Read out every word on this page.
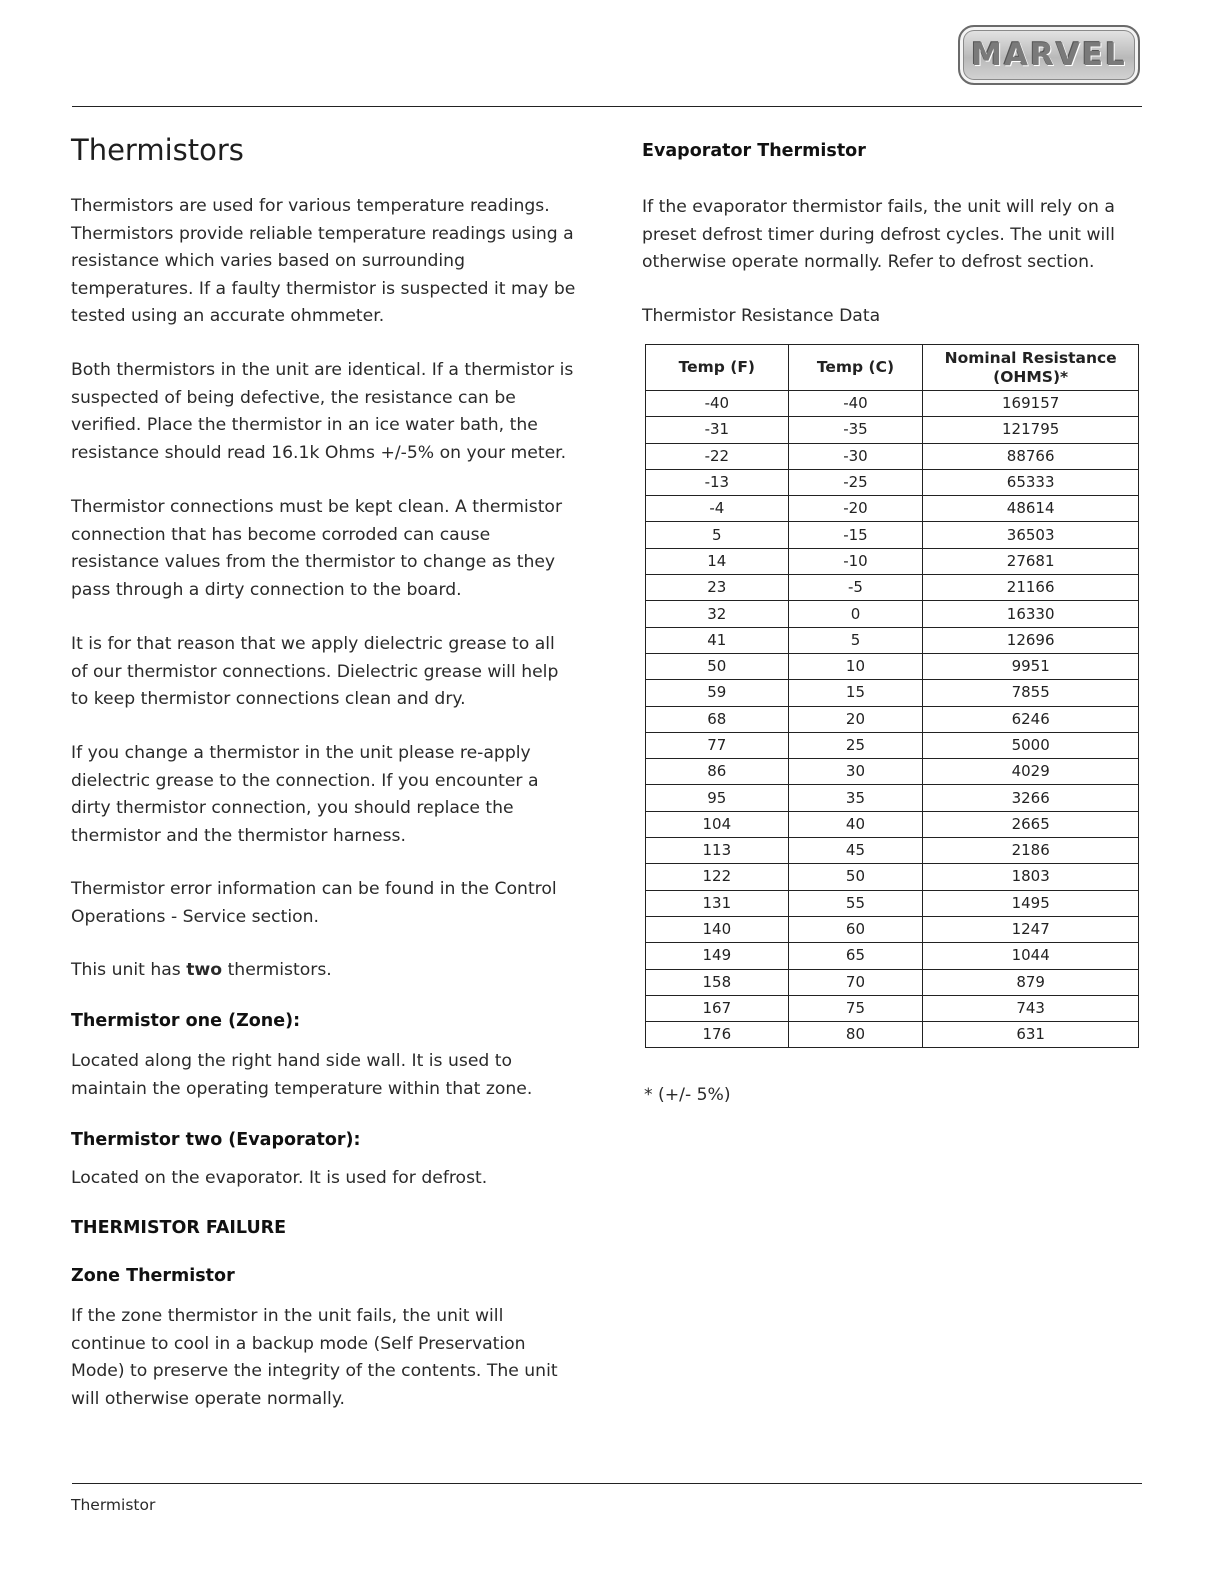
MARVEL
Thermistors

Thermistors are used for various temperature readings. Thermistors provide reliable temperature readings using a resistance which varies based on surrounding temperatures. If a faulty thermistor is suspected it may be tested using an accurate ohmmeter.

Both thermistors in the unit are identical. If a thermistor is suspected of being defective, the resistance can be verified. Place the thermistor in an ice water bath, the resistance should read 16.1k Ohms +/-5% on your meter.

Thermistor connections must be kept clean. A thermistor connection that has become corroded can cause resistance values from the thermistor to change as they pass through a dirty connection to the board.

It is for that reason that we apply dielectric grease to all of our thermistor connections. Dielectric grease will help to keep thermistor connections clean and dry.

If you change a thermistor in the unit please re-apply dielectric grease to the connection. If you encounter a dirty thermistor connection, you should replace the thermistor and the thermistor harness.

Thermistor error information can be found in the Control Operations - Service section.

This unit has two thermistors.

Thermistor one (Zone):

Located along the right hand side wall. It is used to maintain the operating temperature within that zone.

Thermistor two (Evaporator):

Located on the evaporator. It is used for defrost.

THERMISTOR FAILURE
Zone Thermistor

If the zone thermistor in the unit fails, the unit will continue to cool in a backup mode (Self Preservation Mode) to preserve the integrity of the contents. The unit will otherwise operate normally.

Evaporator Thermistor

If the evaporator thermistor fails, the unit will rely on a preset defrost timer during defrost cycles. The unit will otherwise operate normally. Refer to defrost section.

Thermistor Resistance Data

Temp (F)	Temp (C)	Nominal Resistance (OHMS)*
-40	-40	169157
-31	-35	121795
-22	-30	88766
-13	-25	65333
-4	-20	48614
5	-15	36503
14	-10	27681
23	-5	21166
32	0	16330
41	5	12696
50	10	9951
59	15	7855
68	20	6246
77	25	5000
86	30	4029
95	35	3266
104	40	2665
113	45	2186
122	50	1803
131	55	1495
140	60	1247
149	65	1044
158	70	879
167	75	743
176	80	631

* (+/- 5%)

Thermistor
